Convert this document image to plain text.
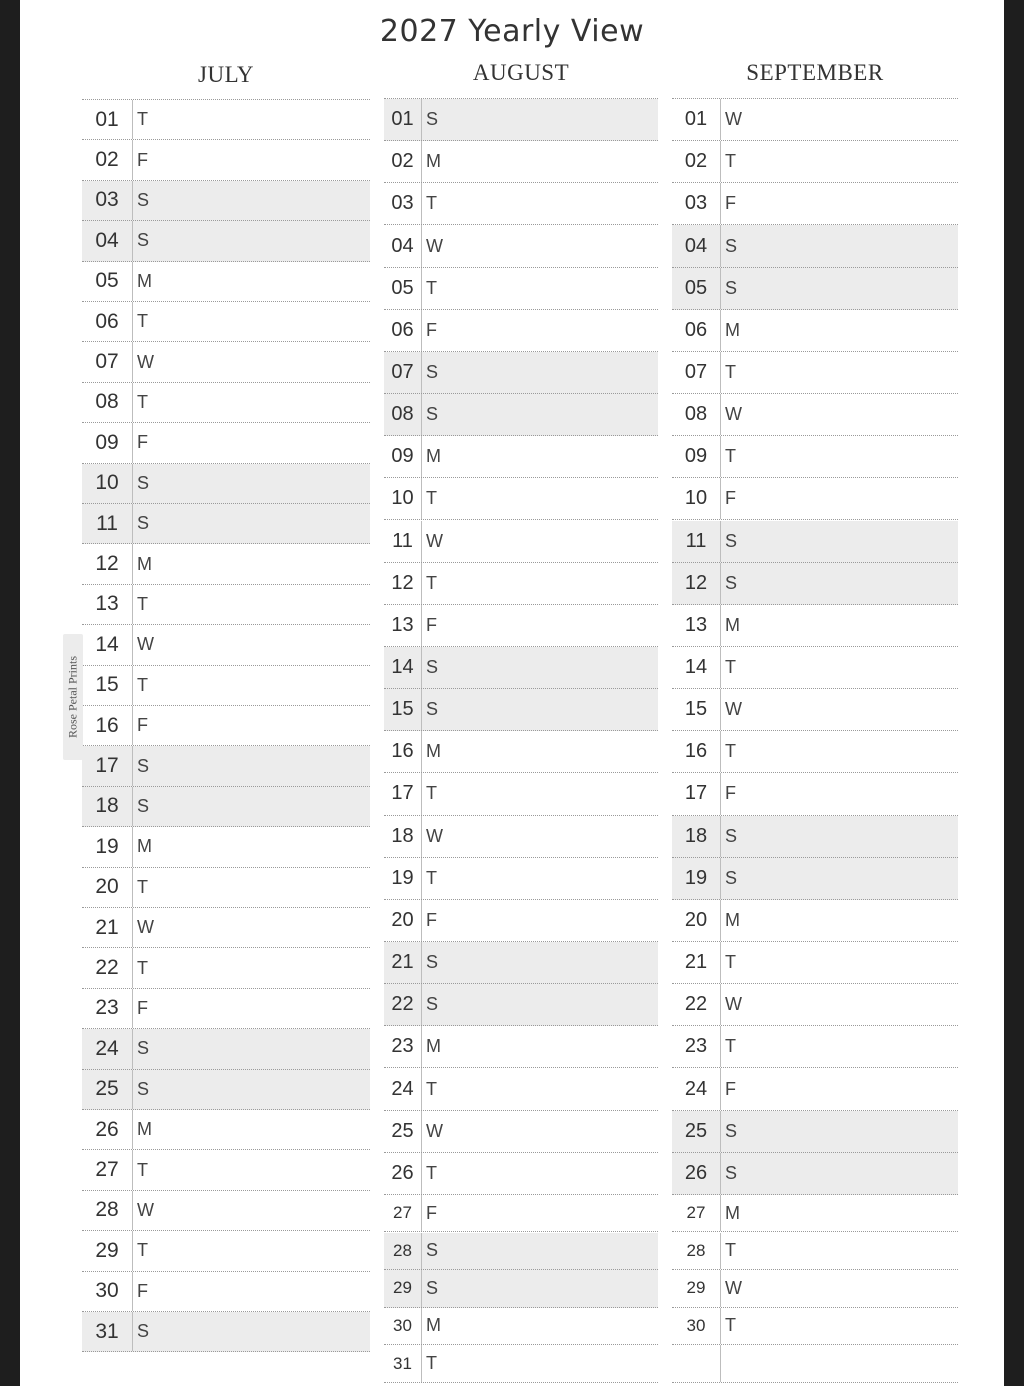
2027 Yearly View
JULY	AUGUST	SEPTEMBER
01	T
02	F
03	S
04	S
05	M
06	T
07	W
08	T
09	F
10	S
11	S
12	M
13	T
14	W
15	T
16	F
17	S
18	S
19	M
20	T
21	W
22	T
23	F
24	S
25	S
26	M
27	T
28	W
29	T
30	F
31	S
01 S
02 M
03 T
04 W
05 T
06 F
07 S
08 S
09 M
10 T
11 W
12 T
13 F
14 S
15 S
16 M
17 T
18 W
19 T
20 F
21 S
22 S
23 M
24 T
25 W
26 T
27 F
28 S
29 S
30 M
31 T
01 W
02 T
03 F
04 S
05 S
06 M
07 T
08 W
09 T
10 F
11	S
12 S
13 M
14 T
15 W
16 T
17 F
18 S
19 S
20 M
21 T
22 W
23 T
24 F
25 S
26 S
27	M
28	T
29	W
30	T
Rose Petal Prints
